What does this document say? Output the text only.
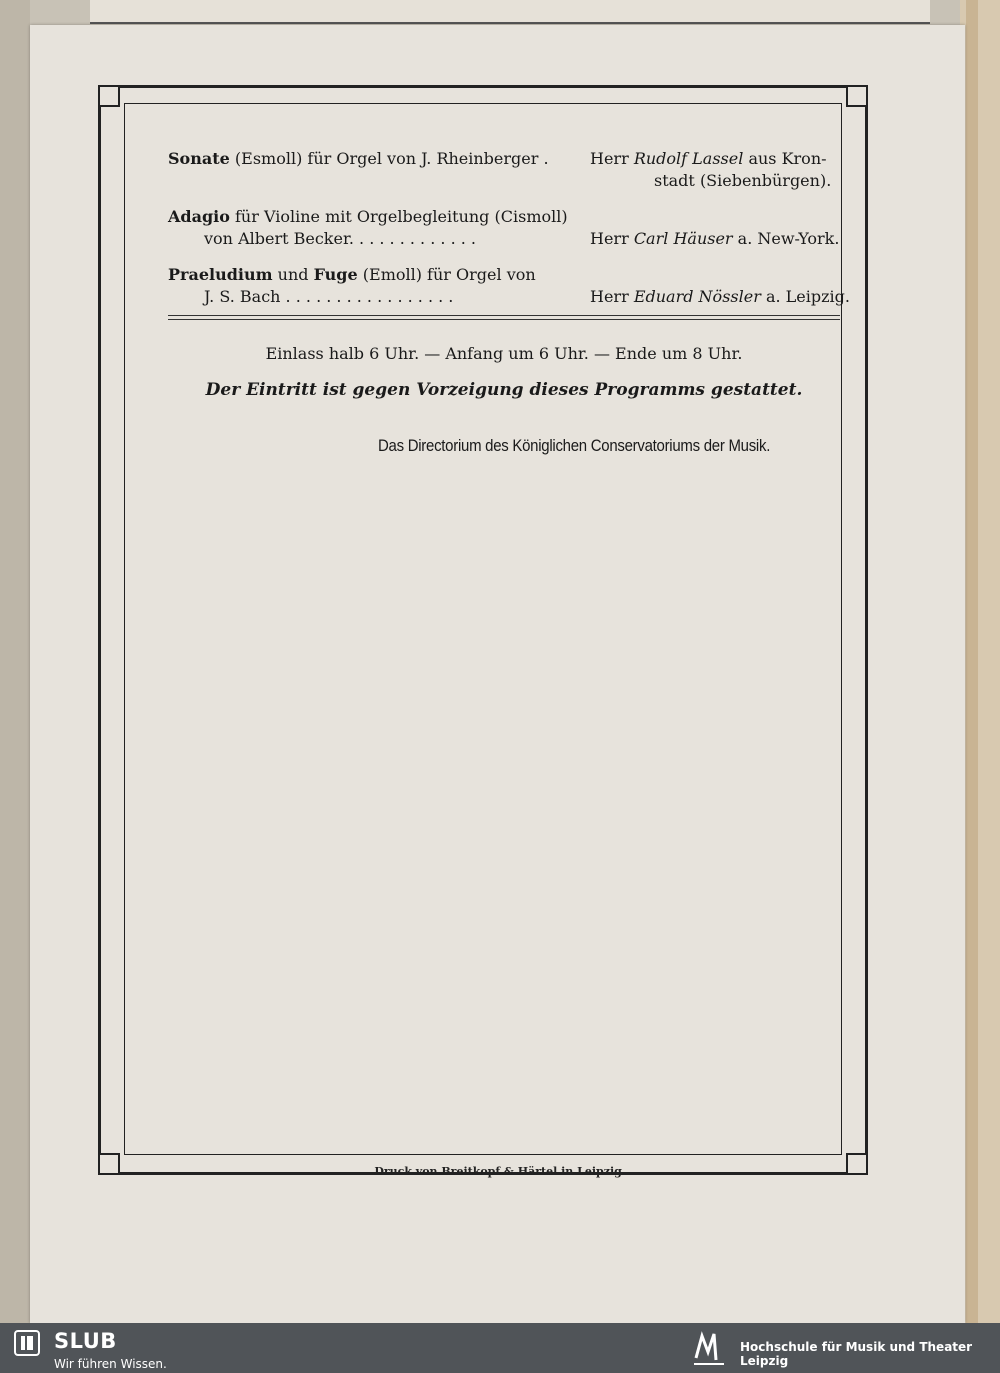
Sonate (Esmoll) für Orgel von J. Rheinberger .	Herr Rudolf Lassel aus Kron-
stadt (Siebenbürgen).
Adagio für Violine mit Orgelbegleitung (Cismoll)
von Albert Becker. . . . . . . . . . . . .	Herr Carl Häuser a. New-York.
Praeludium und Fuge (Emoll) für Orgel von
J. S. Bach . . . . . . . . . . . . . . . . .	Herr Eduard Nössler a. Leipzig.
Einlass halb 6 Uhr. — Anfang um 6 Uhr. — Ende um 8 Uhr.
Der Eintritt ist gegen Vorzeigung dieses Programms gestattet.
Das Directorium des Königlichen Conservatoriums der Musik.
Druck von Breitkopf & Härtel in Leipzig.
SLUB
Wir führen Wissen.
Hochschule für Musik und Theater Leipzig
